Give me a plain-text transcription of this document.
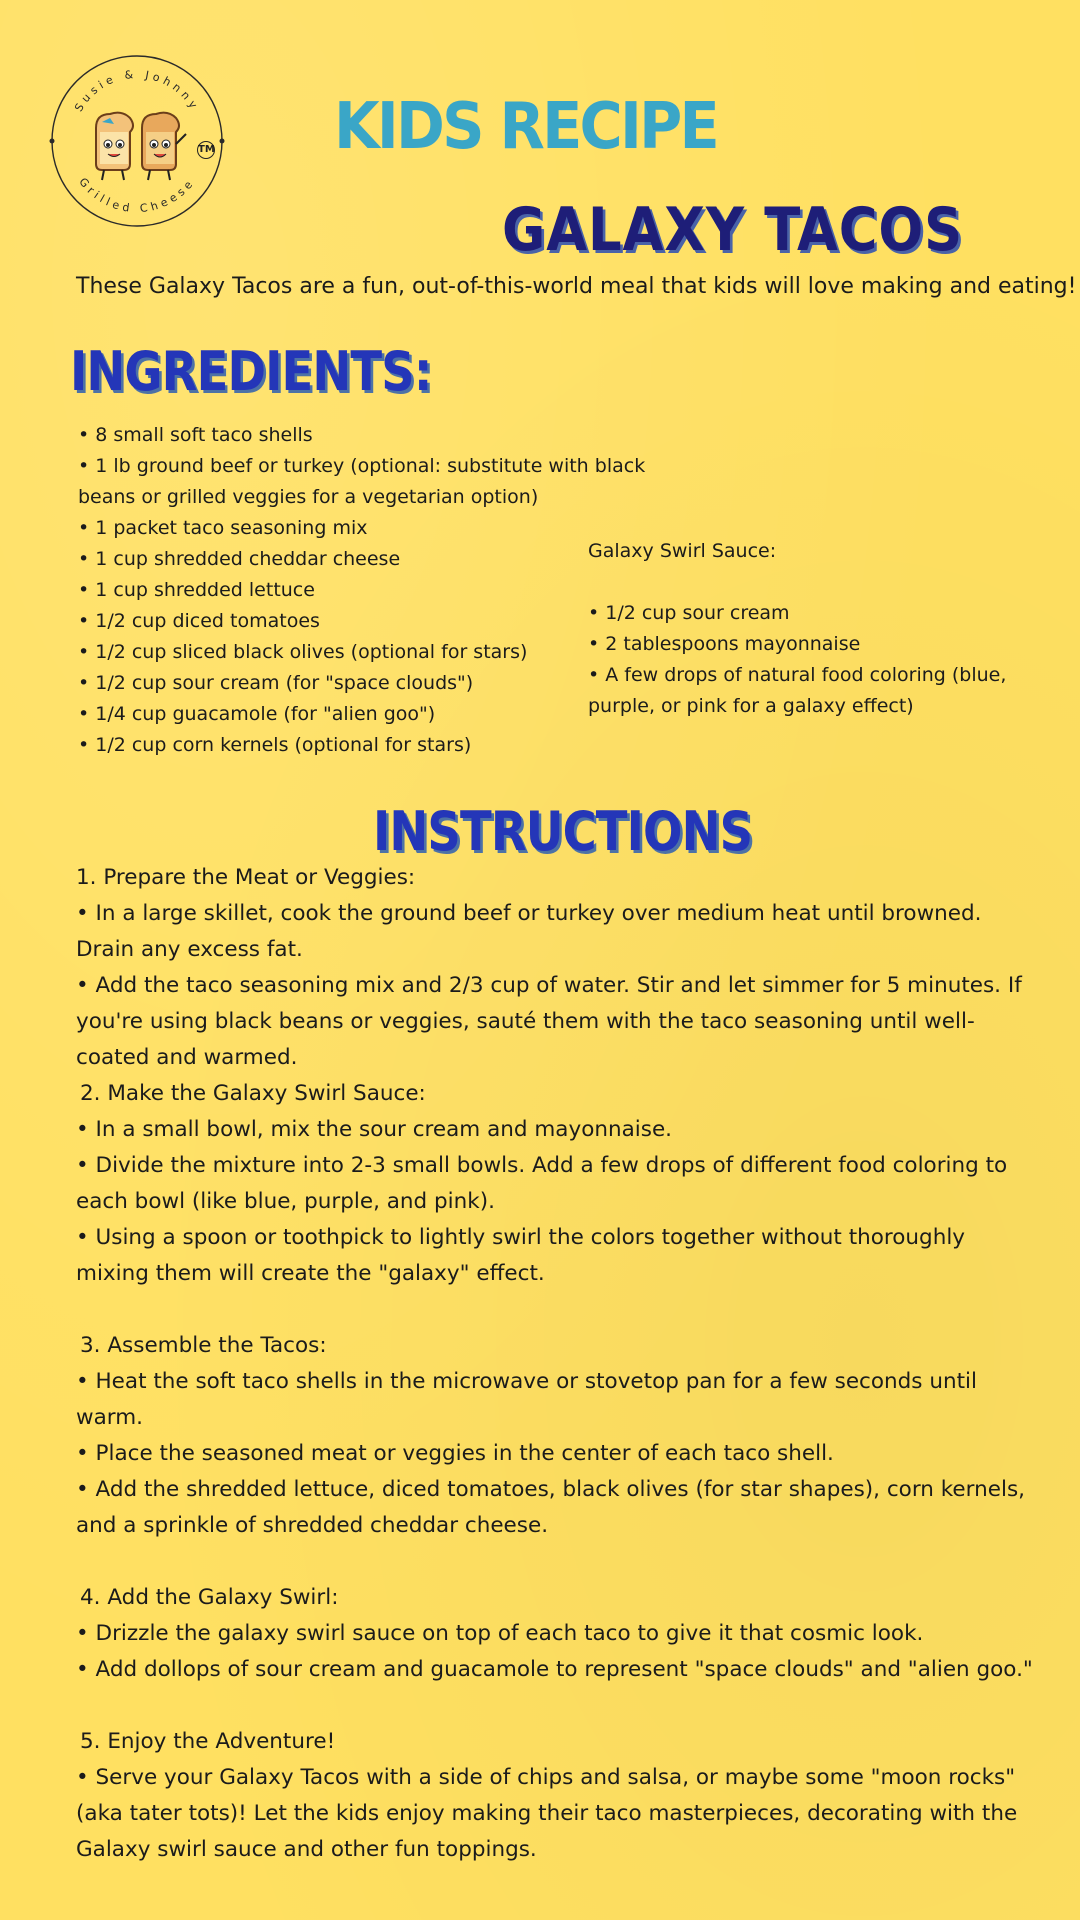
Susie & Johnny
Grilled Cheese
TM KIDS RECIPE
GALAXY TACOS
These Galaxy Tacos are a fun, out-of-this-world meal that kids will love making and eating!
INGREDIENTS:
• 8 small soft taco shells
• 1 lb ground beef or turkey (optional: substitute with black beans or grilled veggies for a vegetarian option)
• 1 packet taco seasoning mix
• 1 cup shredded cheddar cheese
• 1 cup shredded lettuce
• 1/2 cup diced tomatoes
• 1/2 cup sliced black olives (optional for stars)
• 1/2 cup sour cream (for "space clouds")
• 1/4 cup guacamole (for "alien goo")
• 1/2 cup corn kernels (optional for stars)
Galaxy Swirl Sauce:
• 1/2 cup sour cream
• 2 tablespoons mayonnaise
• A few drops of natural food coloring (blue, purple, or pink for a galaxy effect)
INSTRUCTIONS
1. Prepare the Meat or Veggies:
• In a large skillet, cook the ground beef or turkey over medium heat until browned. Drain any excess fat.
• Add the taco seasoning mix and 2/3 cup of water. Stir and let simmer for 5 minutes. If you're using black beans or veggies, sauté them with the taco seasoning until well-coated and warmed.
2. Make the Galaxy Swirl Sauce:
• In a small bowl, mix the sour cream and mayonnaise.
• Divide the mixture into 2-3 small bowls. Add a few drops of different food coloring to each bowl (like blue, purple, and pink).
• Using a spoon or toothpick to lightly swirl the colors together without thoroughly mixing them will create the "galaxy" effect.
3. Assemble the Tacos:
• Heat the soft taco shells in the microwave or stovetop pan for a few seconds until warm.
• Place the seasoned meat or veggies in the center of each taco shell.
• Add the shredded lettuce, diced tomatoes, black olives (for star shapes), corn kernels, and a sprinkle of shredded cheddar cheese.
4. Add the Galaxy Swirl:
• Drizzle the galaxy swirl sauce on top of each taco to give it that cosmic look.
• Add dollops of sour cream and guacamole to represent "space clouds" and "alien goo."
5. Enjoy the Adventure!
• Serve your Galaxy Tacos with a side of chips and salsa, or maybe some "moon rocks" (aka tater tots)! Let the kids enjoy making their taco masterpieces, decorating with the Galaxy swirl sauce and other fun toppings.
